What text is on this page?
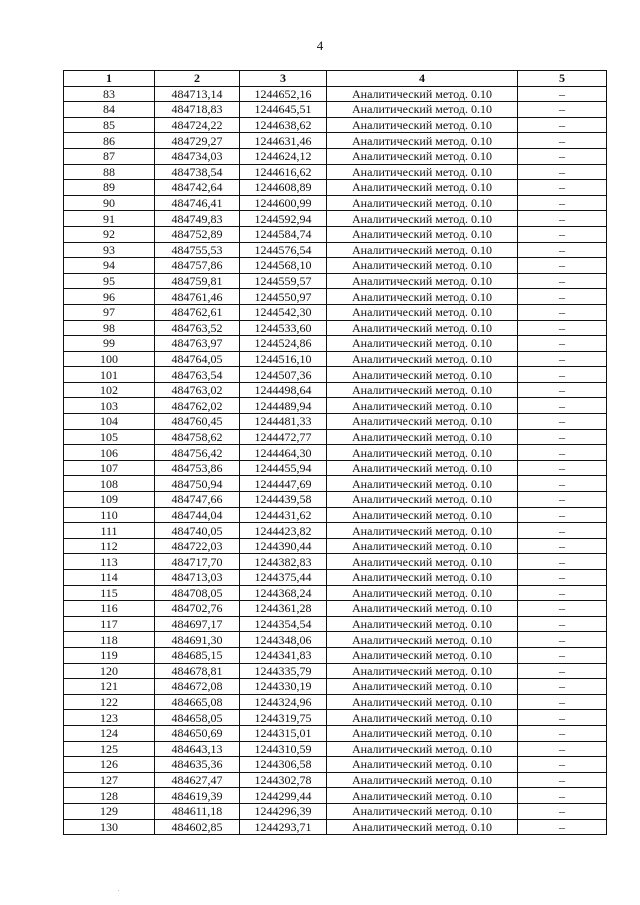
4
1	2	3	4	5
83	484713,14	1244652,16	Аналитический метод. 0.10	–
84	484718,83	1244645,51	Аналитический метод. 0.10	–
85	484724,22	1244638,62	Аналитический метод. 0.10	–
86	484729,27	1244631,46	Аналитический метод. 0.10	–
87	484734,03	1244624,12	Аналитический метод. 0.10	–
88	484738,54	1244616,62	Аналитический метод. 0.10	–
89	484742,64	1244608,89	Аналитический метод. 0.10	–
90	484746,41	1244600,99	Аналитический метод. 0.10	–
91	484749,83	1244592,94	Аналитический метод. 0.10	–
92	484752,89	1244584,74	Аналитический метод. 0.10	–
93	484755,53	1244576,54	Аналитический метод. 0.10	–
94	484757,86	1244568,10	Аналитический метод. 0.10	–
95	484759,81	1244559,57	Аналитический метод. 0.10	–
96	484761,46	1244550,97	Аналитический метод. 0.10	–
97	484762,61	1244542,30	Аналитический метод. 0.10	–
98	484763,52	1244533,60	Аналитический метод. 0.10	–
99	484763,97	1244524,86	Аналитический метод. 0.10	–
100	484764,05	1244516,10	Аналитический метод. 0.10	–
101	484763,54	1244507,36	Аналитический метод. 0.10	–
102	484763,02	1244498,64	Аналитический метод. 0.10	–
103	484762,02	1244489,94	Аналитический метод. 0.10	–
104	484760,45	1244481,33	Аналитический метод. 0.10	–
105	484758,62	1244472,77	Аналитический метод. 0.10	–
106	484756,42	1244464,30	Аналитический метод. 0.10	–
107	484753,86	1244455,94	Аналитический метод. 0.10	–
108	484750,94	1244447,69	Аналитический метод. 0.10	–
109	484747,66	1244439,58	Аналитический метод. 0.10	–
110	484744,04	1244431,62	Аналитический метод. 0.10	–
111	484740,05	1244423,82	Аналитический метод. 0.10	–
112	484722,03	1244390,44	Аналитический метод. 0.10	–
113	484717,70	1244382,83	Аналитический метод. 0.10	–
114	484713,03	1244375,44	Аналитический метод. 0.10	–
115	484708,05	1244368,24	Аналитический метод. 0.10	–
116	484702,76	1244361,28	Аналитический метод. 0.10	–
117	484697,17	1244354,54	Аналитический метод. 0.10	–
118	484691,30	1244348,06	Аналитический метод. 0.10	–
119	484685,15	1244341,83	Аналитический метод. 0.10	–
120	484678,81	1244335,79	Аналитический метод. 0.10	–
121	484672,08	1244330,19	Аналитический метод. 0.10	–
122	484665,08	1244324,96	Аналитический метод. 0.10	–
123	484658,05	1244319,75	Аналитический метод. 0.10	–
124	484650,69	1244315,01	Аналитический метод. 0.10	–
125	484643,13	1244310,59	Аналитический метод. 0.10	–
126	484635,36	1244306,58	Аналитический метод. 0.10	–
127	484627,47	1244302,78	Аналитический метод. 0.10	–
128	484619,39	1244299,44	Аналитический метод. 0.10	–
129	484611,18	1244296,39	Аналитический метод. 0.10	–
130	484602,85	1244293,71	Аналитический метод. 0.10	–
